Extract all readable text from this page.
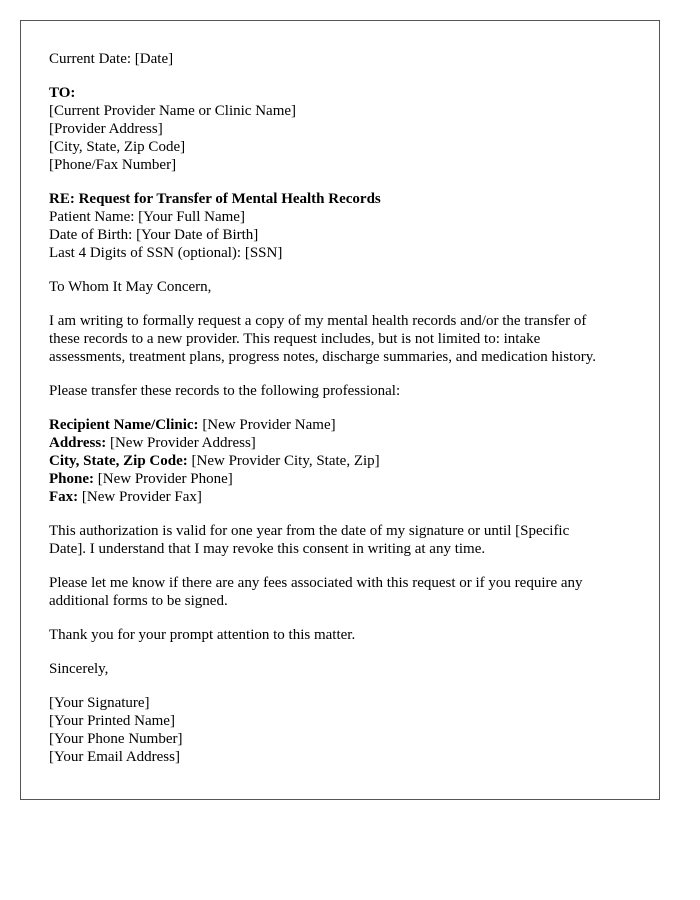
Current Date: [Date]
TO:
[Current Provider Name or Clinic Name]
[Provider Address]
[City, State, Zip Code]
[Phone/Fax Number]
RE: Request for Transfer of Mental Health Records
Patient Name: [Your Full Name]
Date of Birth: [Your Date of Birth]
Last 4 Digits of SSN (optional): [SSN]
To Whom It May Concern,
I am writing to formally request a copy of my mental health records and/or the transfer of
these records to a new provider. This request includes, but is not limited to: intake
assessments, treatment plans, progress notes, discharge summaries, and medication history.
Please transfer these records to the following professional:
Recipient Name/Clinic: [New Provider Name]
Address: [New Provider Address]
City, State, Zip Code: [New Provider City, State, Zip]
Phone: [New Provider Phone]
Fax: [New Provider Fax]
This authorization is valid for one year from the date of my signature or until [Specific
Date]. I understand that I may revoke this consent in writing at any time.
Please let me know if there are any fees associated with this request or if you require any
additional forms to be signed.
Thank you for your prompt attention to this matter.
Sincerely,
[Your Signature]
[Your Printed Name]
[Your Phone Number]
[Your Email Address]
